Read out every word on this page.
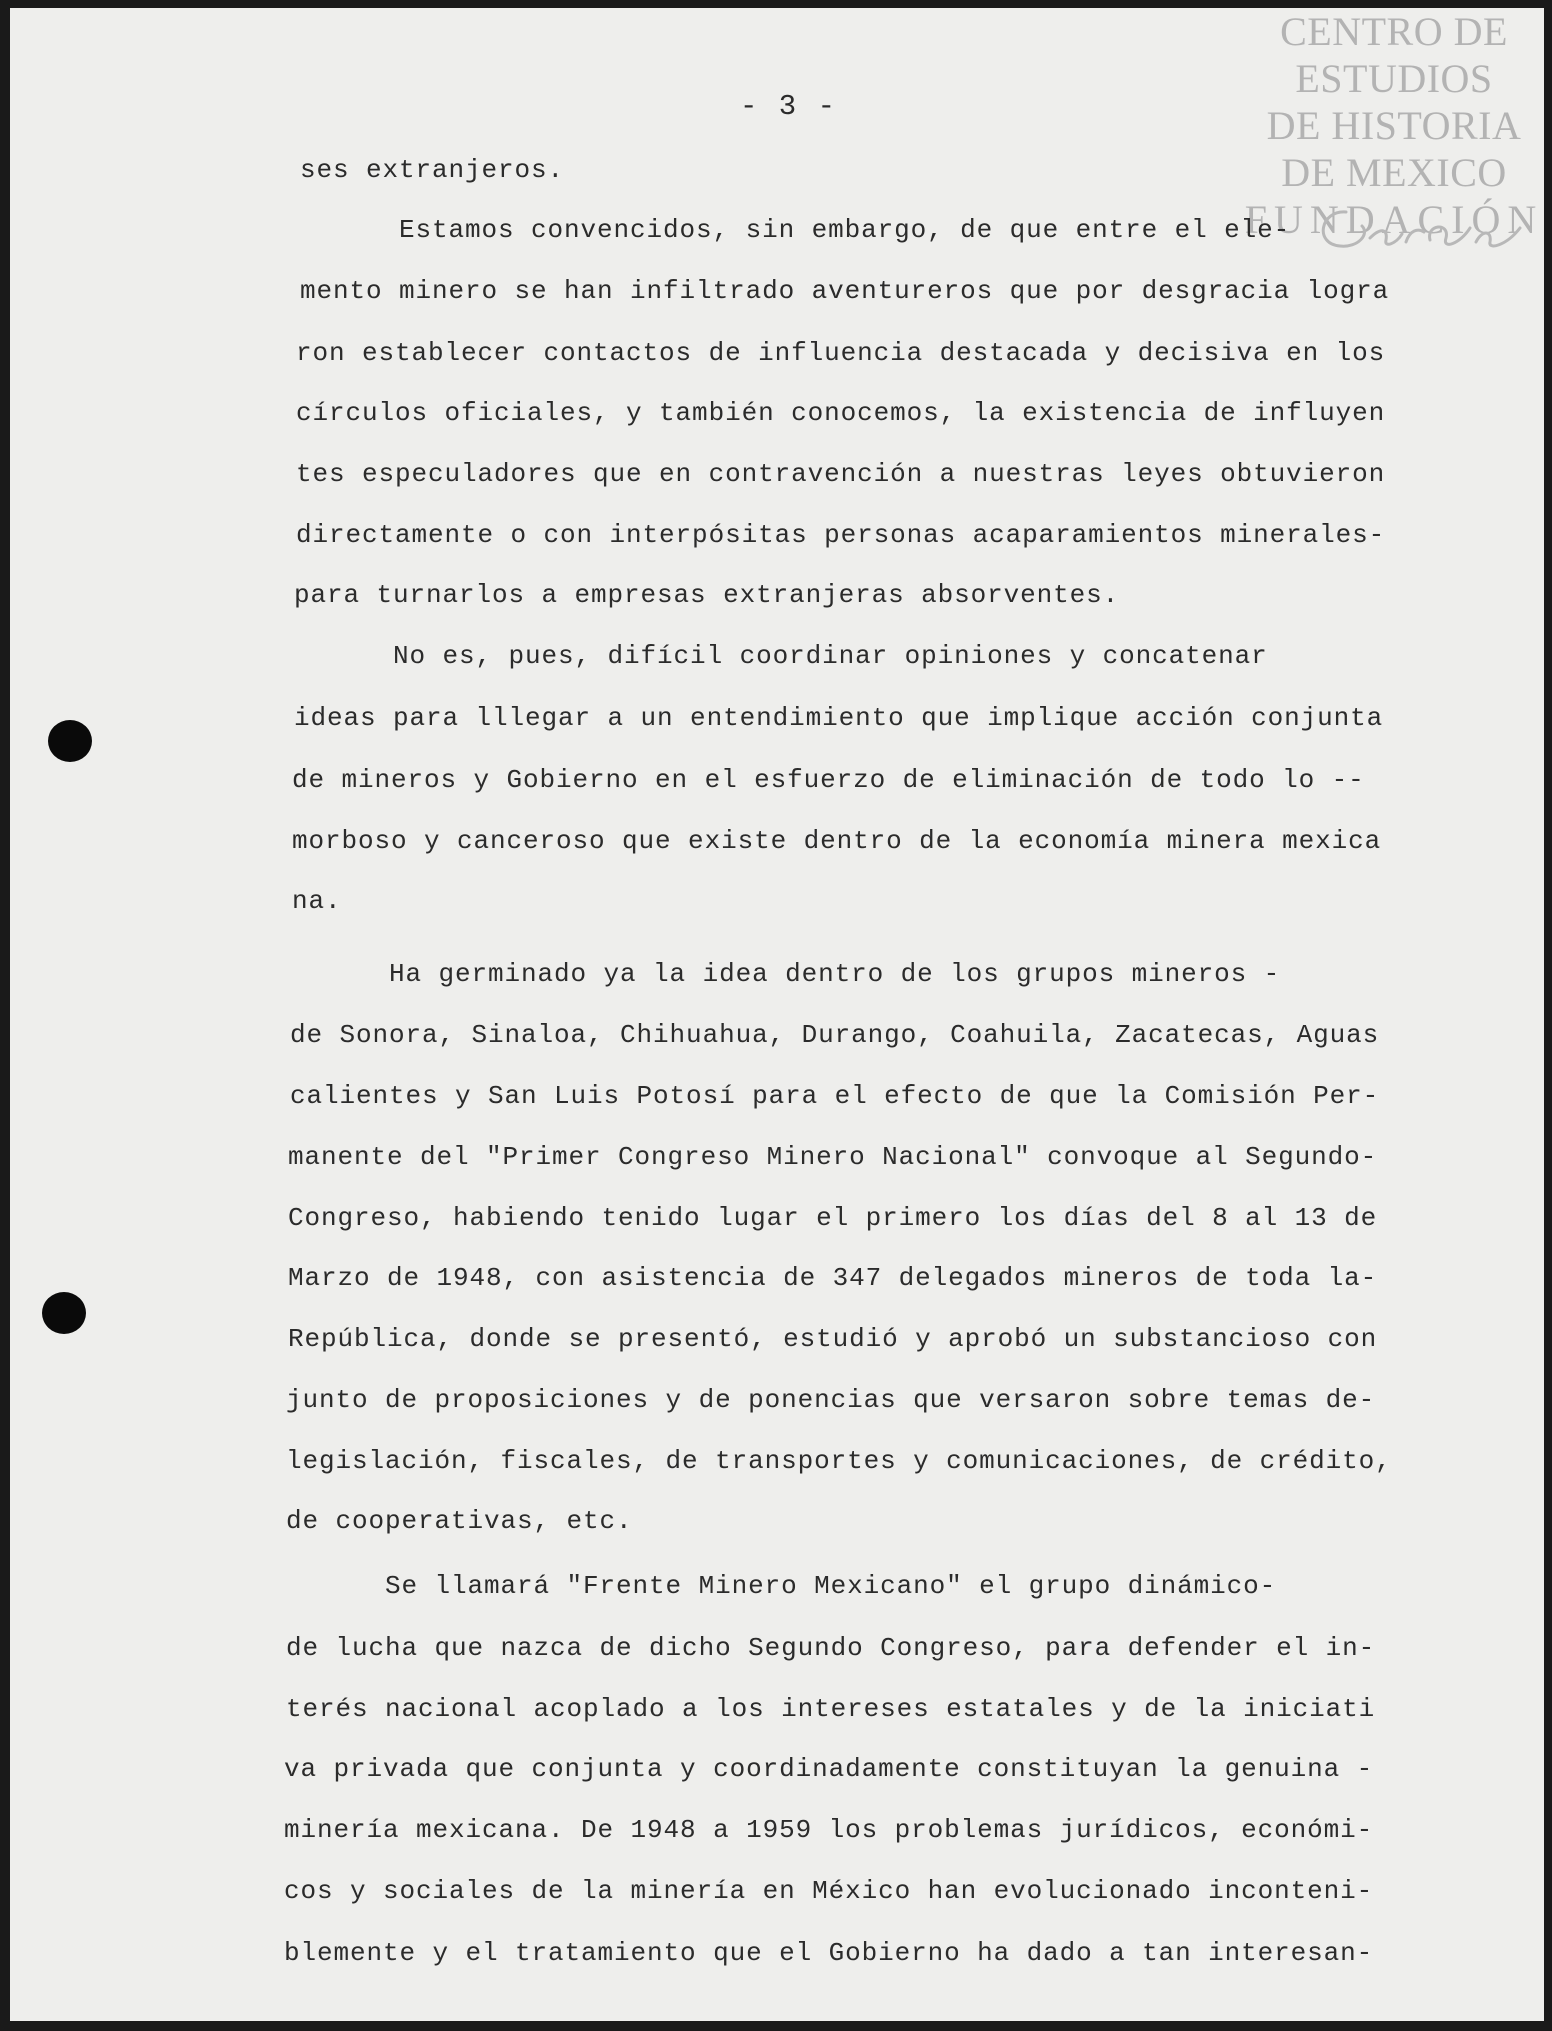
CENTRO DE
ESTUDIOS
DE HISTORIA
DE MEXICO
FUNDACIÓN
- 3 -
ses extranjeros.
Estamos convencidos, sin embargo, de que entre el ele-
mento minero se han infiltrado aventureros que por desgracia logra
ron establecer contactos de influencia destacada y decisiva en los
círculos oficiales, y también conocemos, la existencia de influyen
tes especuladores que en contravención a nuestras leyes obtuvieron
directamente o con interpósitas personas acaparamientos minerales-
para turnarlos a empresas extranjeras absorventes.
No es, pues, difícil coordinar opiniones y concatenar
ideas para lllegar a un entendimiento que implique acción conjunta
de mineros y Gobierno en el esfuerzo de eliminación de todo lo --
morboso y canceroso que existe dentro de la economía minera mexica
na.
Ha germinado ya la idea dentro de los grupos mineros -
de Sonora, Sinaloa, Chihuahua, Durango, Coahuila, Zacatecas, Aguas
calientes y San Luis Potosí para el efecto de que la Comisión Per-
manente del "Primer Congreso Minero Nacional" convoque al Segundo-
Congreso, habiendo tenido lugar el primero los días del 8 al 13 de
Marzo de 1948, con asistencia de 347 delegados mineros de toda la-
República, donde se presentó, estudió y aprobó un substancioso con
junto de proposiciones y de ponencias que versaron sobre temas de-
legislación, fiscales, de transportes y comunicaciones, de crédito,
de cooperativas, etc.
Se llamará "Frente Minero Mexicano" el grupo dinámico-
de lucha que nazca de dicho Segundo Congreso, para defender el in-
terés nacional acoplado a los intereses estatales y de la iniciati
va privada que conjunta y coordinadamente constituyan la genuina -
minería mexicana. De 1948 a 1959 los problemas jurídicos, económi-
cos y sociales de la minería en México han evolucionado inconteni-
blemente y el tratamiento que el Gobierno ha dado a tan interesan-
